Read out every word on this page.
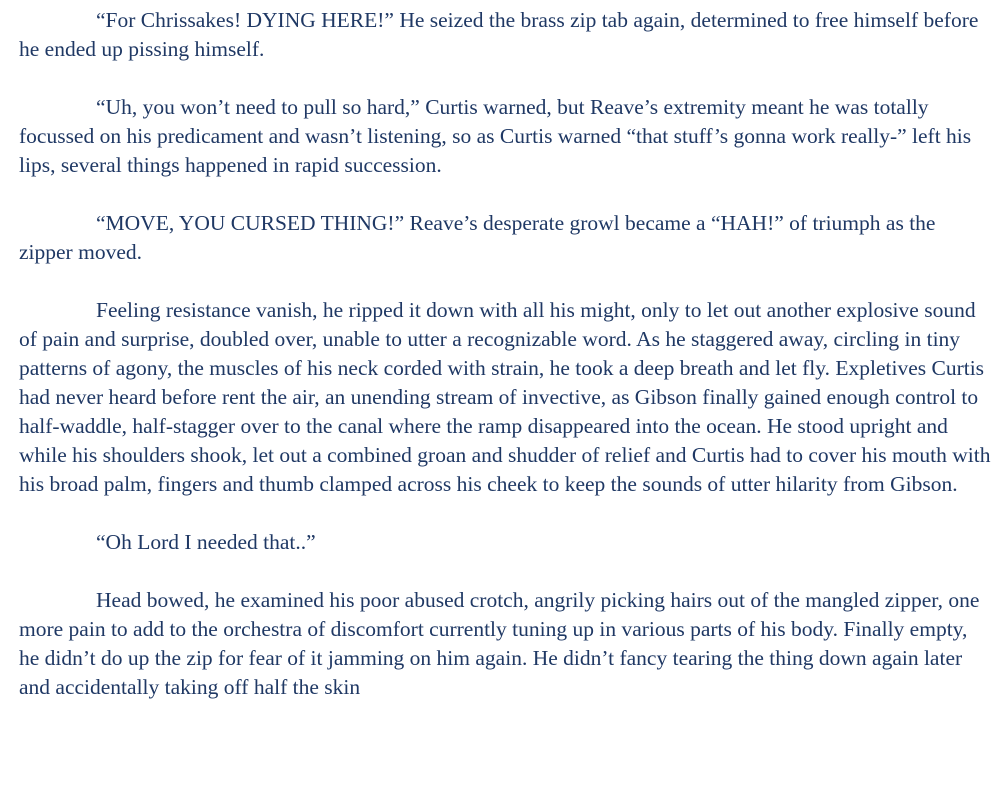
“For Chrissakes! DYING HERE!” He seized the brass zip tab again, determined to free himself before he ended up pissing himself.

“Uh, you won’t need to pull so hard,” Curtis warned, but Reave’s extremity meant he was totally focussed on his predicament and wasn’t listening, so as Curtis warned “that stuff’s gonna work really-” left his lips, several things happened in rapid succession.

“MOVE, YOU CURSED THING!” Reave’s desperate growl became a “HAH!” of triumph as the zipper moved.

Feeling resistance vanish, he ripped it down with all his might, only to let out another explosive sound of pain and surprise, doubled over, unable to utter a recognizable word. As he staggered away, circling in tiny patterns of agony, the muscles of his neck corded with strain, he took a deep breath and let fly. Expletives Curtis had never heard before rent the air, an unending stream of invective, as Gibson finally gained enough control to half-waddle, half-stagger over to the canal where the ramp disappeared into the ocean. He stood upright and while his shoulders shook, let out a combined groan and shudder of relief and Curtis had to cover his mouth with his broad palm, fingers and thumb clamped across his cheek to keep the sounds of utter hilarity from Gibson.

“Oh Lord I needed that..”

Head bowed, he examined his poor abused crotch, angrily picking hairs out of the mangled zipper, one more pain to add to the orchestra of discomfort currently tuning up in various parts of his body. Finally empty, he didn’t do up the zip for fear of it jamming on him again. He didn’t fancy tearing the thing down again later and accidentally taking off half the skin
